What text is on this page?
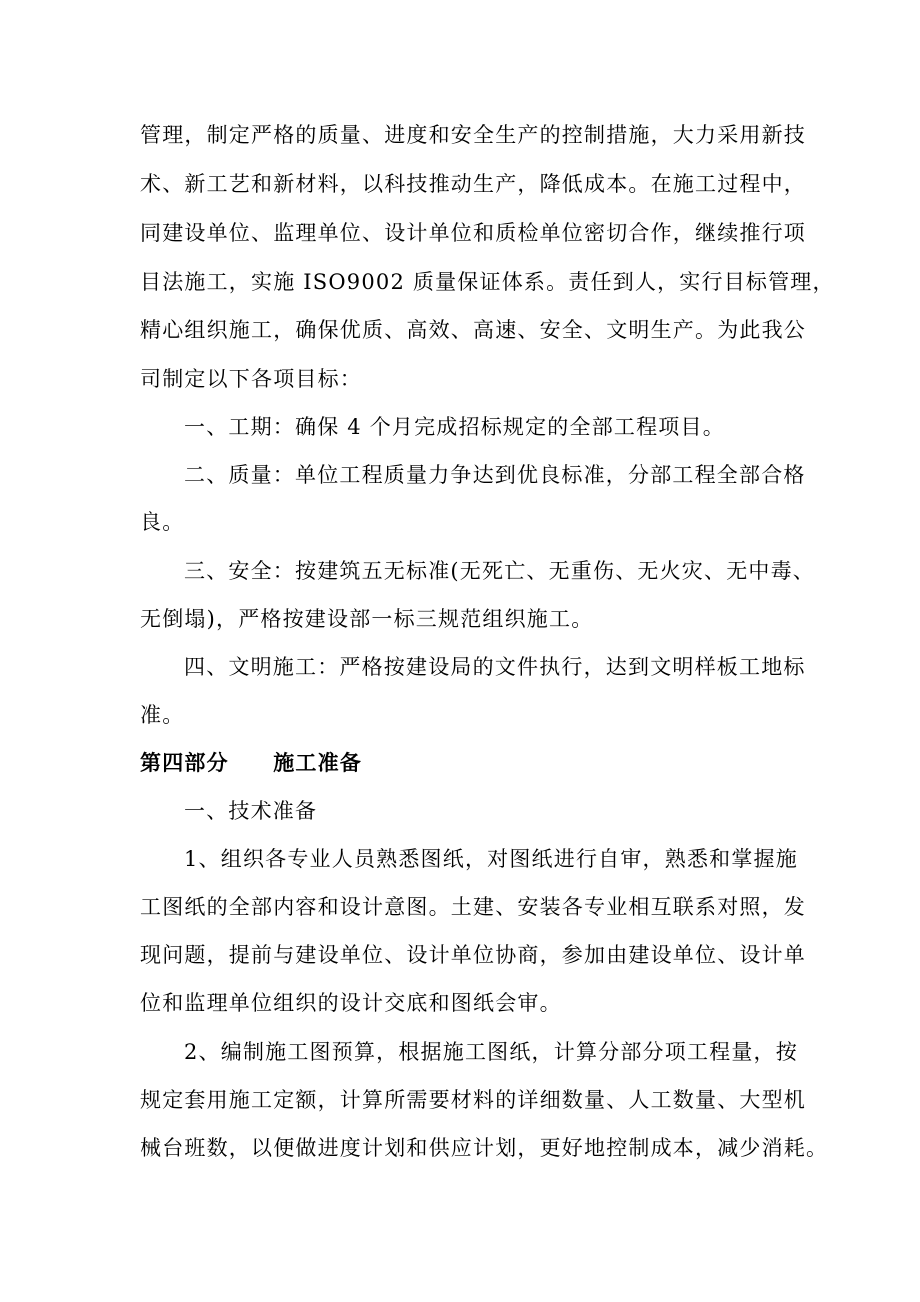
管理，制定严格的质量、进度和安全生产的控制措施，大力采用新技
术、新工艺和新材料，以科技推动生产，降低成本。在施工过程中，
同建设单位、监理单位、设计单位和质检单位密切合作，继续推行项
目法施工，实施 ISO9002 质量保证体系。责任到人，实行目标管理，
精心组织施工，确保优质、高效、高速、安全、文明生产。为此我公
司制定以下各项目标：
一、工期：确保 4 个月完成招标规定的全部工程项目。
二、质量：单位工程质量力争达到优良标准，分部工程全部合格
良。
三、安全：按建筑五无标准(无死亡、无重伤、无火灾、无中毒、
无倒塌)，严格按建设部一标三规范组织施工。
四、文明施工：严格按建设局的文件执行，达到文明样板工地标
准。
第四部分　　施工准备
一、技术准备
1、组织各专业人员熟悉图纸，对图纸进行自审，熟悉和掌握施
工图纸的全部内容和设计意图。土建、安装各专业相互联系对照，发
现问题，提前与建设单位、设计单位协商，参加由建设单位、设计单
位和监理单位组织的设计交底和图纸会审。
2、编制施工图预算，根据施工图纸，计算分部分项工程量，按
规定套用施工定额，计算所需要材料的详细数量、人工数量、大型机
械台班数，以便做进度计划和供应计划，更好地控制成本，减少消耗。
